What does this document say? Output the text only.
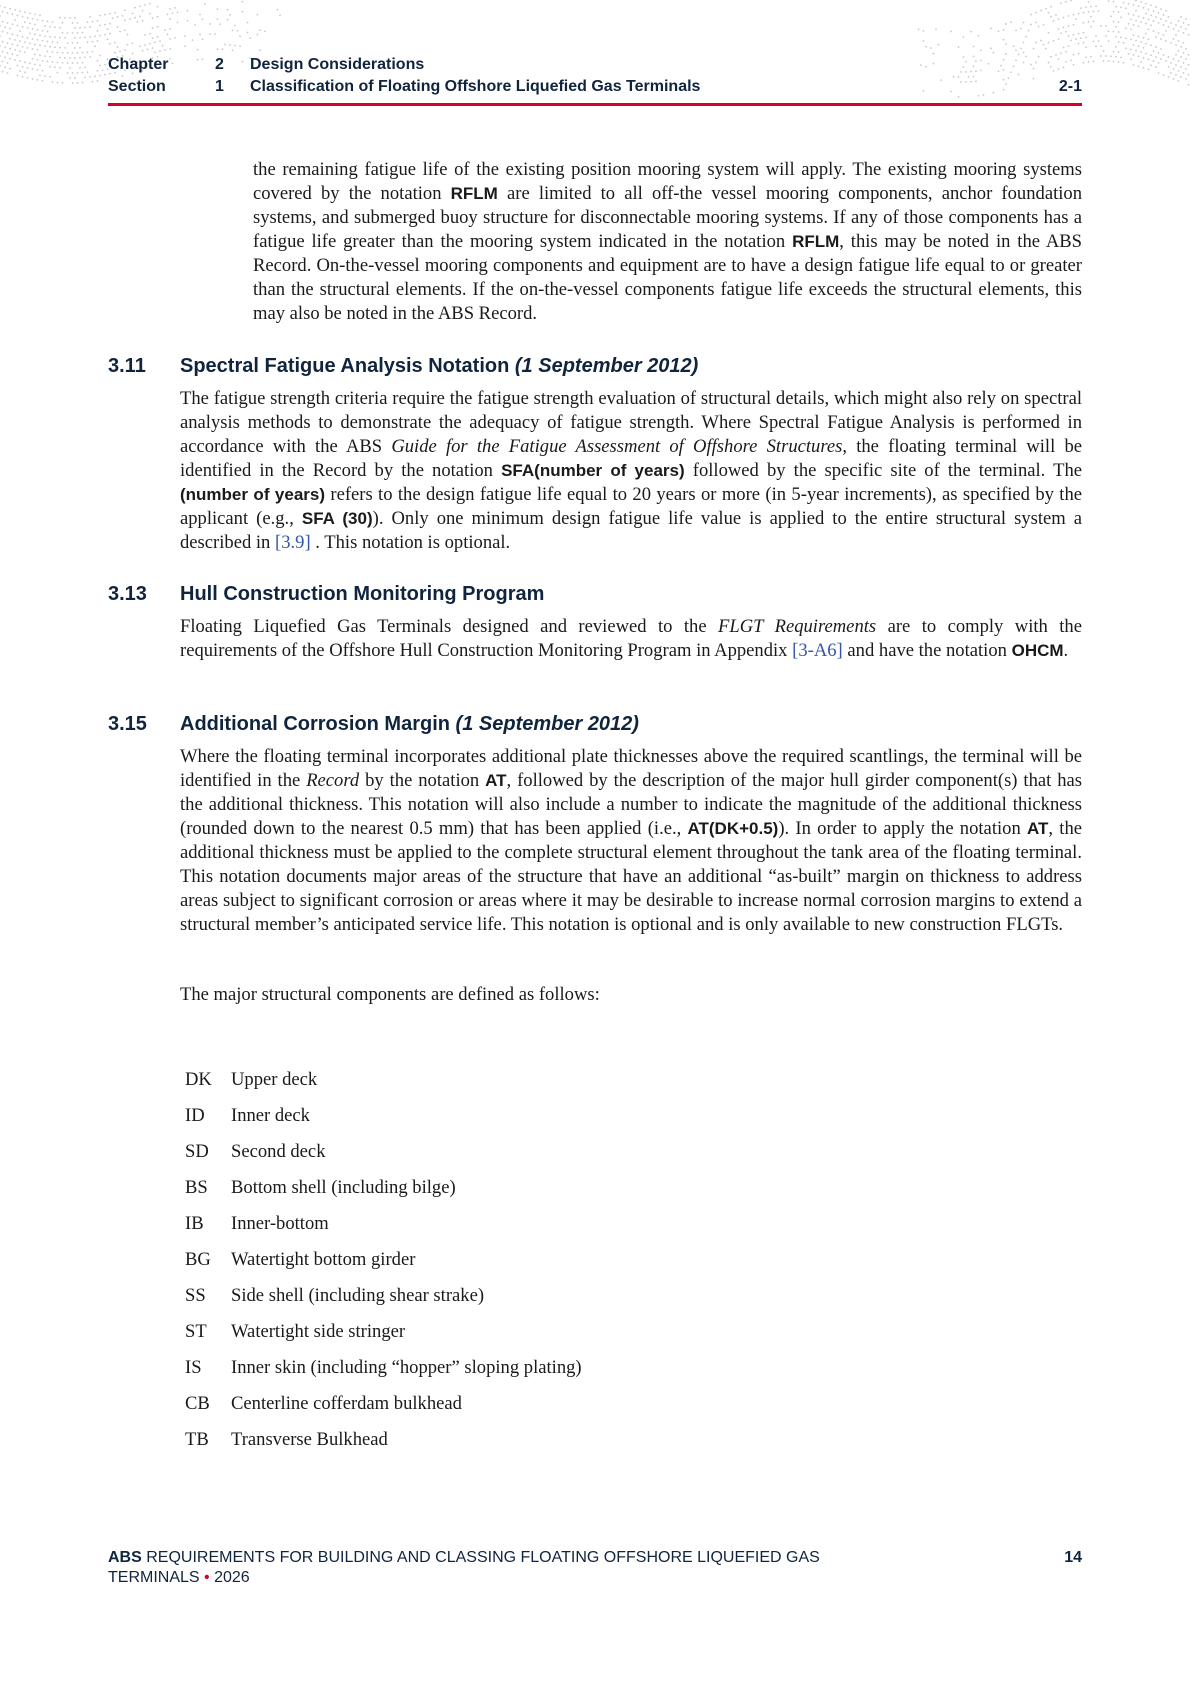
Chapter	2	Design Considerations
Section	1	Classification of Floating Offshore Liquefied Gas Terminals	2-1

the remaining fatigue life of the existing position mooring system will apply. The existing mooring systems covered by the notation RFLM are limited to all off-the vessel mooring components, anchor foundation systems, and submerged buoy structure for disconnectable mooring systems. If any of those components has a fatigue life greater than the mooring system indicated in the notation RFLM, this may be noted in the ABS Record. On-the-vessel mooring components and equipment are to have a design fatigue life equal to or greater than the structural elements. If the on-the-vessel components fatigue life exceeds the structural elements, this may also be noted in the ABS Record.

3.11	Spectral Fatigue Analysis Notation (1 September 2012)

The fatigue strength criteria require the fatigue strength evaluation of structural details, which might also rely on spectral analysis methods to demonstrate the adequacy of fatigue strength. Where Spectral Fatigue Analysis is performed in accordance with the ABS Guide for the Fatigue Assessment of Offshore Structures, the floating terminal will be identified in the Record by the notation SFA(number of years) followed by the specific site of the terminal. The (number of years) refers to the design fatigue life equal to 20 years or more (in 5-year increments), as specified by the applicant (e.g., SFA (30)). Only one minimum design fatigue life value is applied to the entire structural system a described in [3.9] . This notation is optional.

3.13	Hull Construction Monitoring Program

Floating Liquefied Gas Terminals designed and reviewed to the FLGT Requirements are to comply with the requirements of the Offshore Hull Construction Monitoring Program in Appendix [3-A6] and have the notation OHCM.

3.15	Additional Corrosion Margin (1 September 2012)

Where the floating terminal incorporates additional plate thicknesses above the required scantlings, the terminal will be identified in the Record by the notation AT, followed by the description of the major hull girder component(s) that has the additional thickness. This notation will also include a number to indicate the magnitude of the additional thickness (rounded down to the nearest 0.5 mm) that has been applied (i.e., AT(DK+0.5)). In order to apply the notation AT, the additional thickness must be applied to the complete structural element throughout the tank area of the floating terminal. This notation documents major areas of the structure that have an additional “as-built” margin on thickness to address areas subject to significant corrosion or areas where it may be desirable to increase normal corrosion margins to extend a structural member’s anticipated service life. This notation is optional and is only available to new construction FLGTs.

The major structural components are defined as follows:

DK	Upper deck
ID	Inner deck
SD	Second deck
BS	Bottom shell (including bilge)
IB	Inner-bottom
BG	Watertight bottom girder
SS	Side shell (including shear strake)
ST	Watertight side stringer
IS	Inner skin (including “hopper” sloping plating)
CB	Centerline cofferdam bulkhead
TB	Transverse Bulkhead
ABS REQUIREMENTS FOR BUILDING AND CLASSING FLOATING OFFSHORE LIQUEFIED GAS
TERMINALS • 2026
14
